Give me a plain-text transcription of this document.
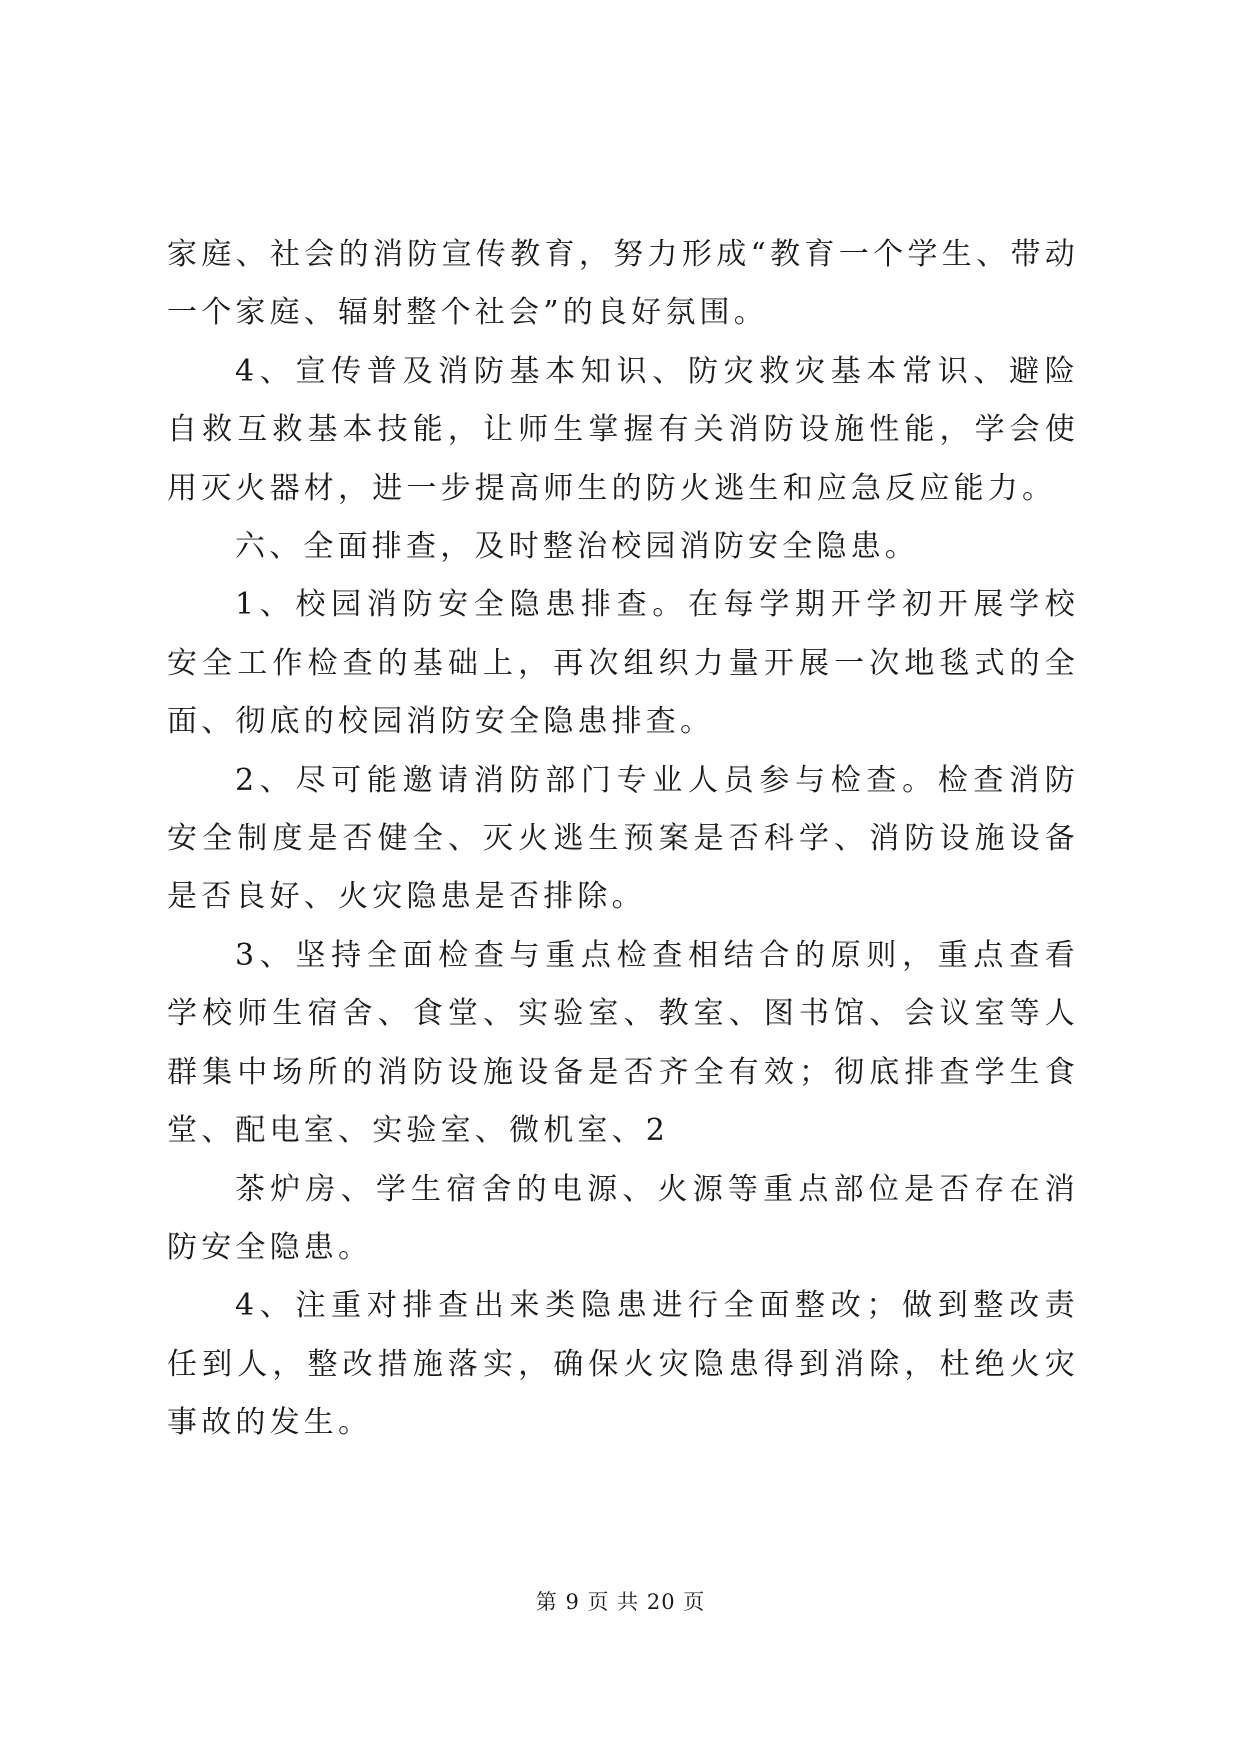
家庭、社会的消防宣传教育，努力形成“教育一个学生、带动一个家庭、辐射整个社会”的良好氛围。

4、宣传普及消防基本知识、防灾救灾基本常识、避险自救互救基本技能，让师生掌握有关消防设施性能，学会使用灭火器材，进一步提高师生的防火逃生和应急反应能力。

六、全面排查，及时整治校园消防安全隐患。

1、校园消防安全隐患排查。在每学期开学初开展学校安全工作检查的基础上，再次组织力量开展一次地毯式的全面、彻底的校园消防安全隐患排查。

2、尽可能邀请消防部门专业人员参与检查。检查消防安全制度是否健全、灭火逃生预案是否科学、消防设施设备是否良好、火灾隐患是否排除。

3、坚持全面检查与重点检查相结合的原则，重点查看学校师生宿舍、食堂、实验室、教室、图书馆、会议室等人群集中场所的消防设施设备是否齐全有效；彻底排查学生食堂、配电室、实验室、微机室、2

茶炉房、学生宿舍的电源、火源等重点部位是否存在消防安全隐患。

4、注重对排查出来类隐患进行全面整改；做到整改责任到人，整改措施落实，确保火灾隐患得到消除，杜绝火灾事故的发生。

第 9 页 共 20 页
